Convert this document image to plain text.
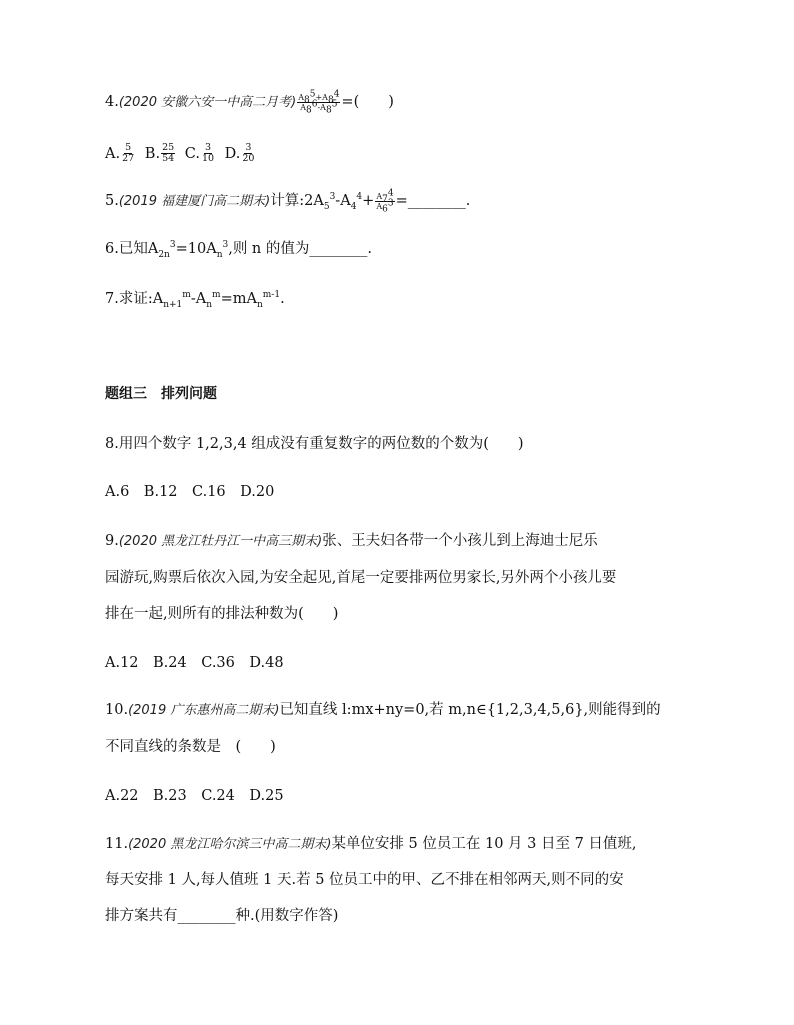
4.(2020 安徽六安一中高二月考) $\frac{A_8^5+A_8^4}{A_8^6-A_8^5}$ =(　　)
A. $\frac{5}{27} B$. $\frac{25}{54} C$. $\frac{3}{10} D$. $\frac{3}{20}$
5.(2019 福建厦门高二期末)计算$:2A_5^3-A_4^4+ \frac{A_7^4}{A_6^3}$ =________.
6.已知$A_{2n}^3=10A_n^3$,则 n 的值为________.
7.求证$:A_{n+1}^m-A_n^m=mA_n^{m-1}$.
题组三　排列问题
8.用四个数字 1,2,3,4 组成没有重复数字的两位数的个数为(　　)
A.6　B.12　C.16　D.20
9.(2020 黑龙江牡丹江一中高三期末)张、王夫妇各带一个小孩儿到上海迪士尼乐
园游玩,购票后依次入园,为安全起见,首尾一定要排两位男家长,另外两个小孩儿要
排在一起,则所有的排法种数为(　　)
A.12　B.24　C.36　D.48
10.(2019 广东惠州高二期末)已知直线 l:mx+ny=0,若 m,n∈{1,2,3,4,5,6},则能得到的
不同直线的条数是　(　　)
A.22　B.23　C.24　D.25
11.(2020 黑龙江哈尔滨三中高二期末)某单位安排 5 位员工在 10 月 3 日至 7 日值班,
每天安排 1 人,每人值班 1 天.若 5 位员工中的甲、乙不排在相邻两天,则不同的安
排方案共有________种.(用数字作答)
